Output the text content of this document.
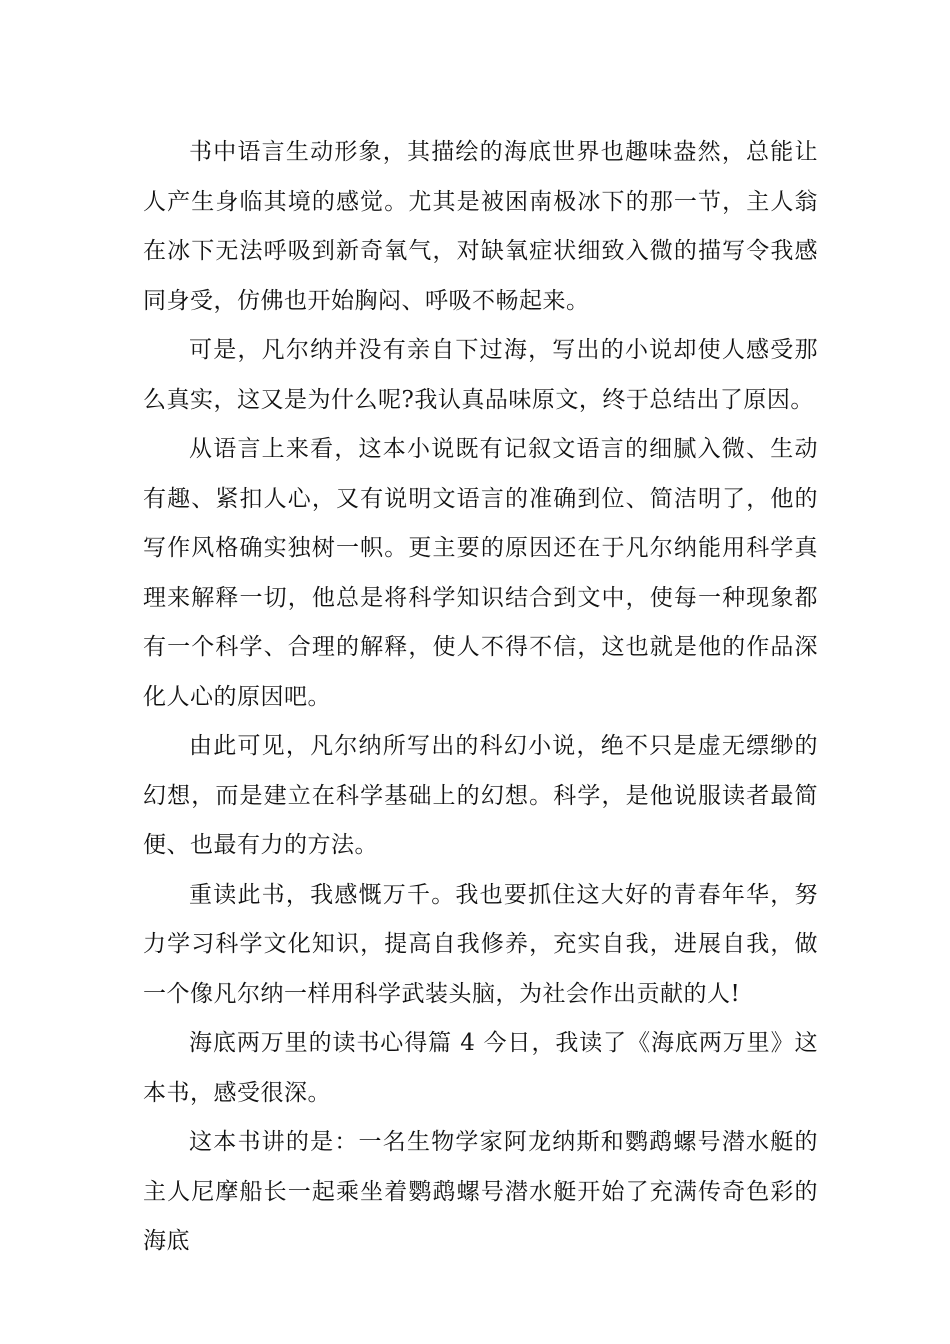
书中语言生动形象，其描绘的海底世界也趣味盎然，总能让人产生身临其境的感觉。尤其是被困南极冰下的那一节，主人翁在冰下无法呼吸到新奇氧气，对缺氧症状细致入微的描写令我感同身受，仿佛也开始胸闷、呼吸不畅起来。

可是，凡尔纳并没有亲自下过海，写出的小说却使人感受那么真实，这又是为什么呢?我认真品味原文，终于总结出了原因。

从语言上来看，这本小说既有记叙文语言的细腻入微、生动有趣、紧扣人心，又有说明文语言的准确到位、简洁明了，他的写作风格确实独树一帜。更主要的原因还在于凡尔纳能用科学真理来解释一切，他总是将科学知识结合到文中，使每一种现象都有一个科学、合理的解释，使人不得不信，这也就是他的作品深化人心的原因吧。

由此可见，凡尔纳所写出的科幻小说，绝不只是虚无缥缈的幻想，而是建立在科学基础上的幻想。科学，是他说服读者最简便、也最有力的方法。

重读此书，我感慨万千。我也要抓住这大好的青春年华，努力学习科学文化知识，提高自我修养，充实自我，进展自我，做一个像凡尔纳一样用科学武装头脑，为社会作出贡献的人!

海底两万里的读书心得篇 4 今日，我读了《海底两万里》这本书，感受很深。

这本书讲的是：一名生物学家阿龙纳斯和鹦鹉螺号潜水艇的主人尼摩船长一起乘坐着鹦鹉螺号潜水艇开始了充满传奇色彩的海底
